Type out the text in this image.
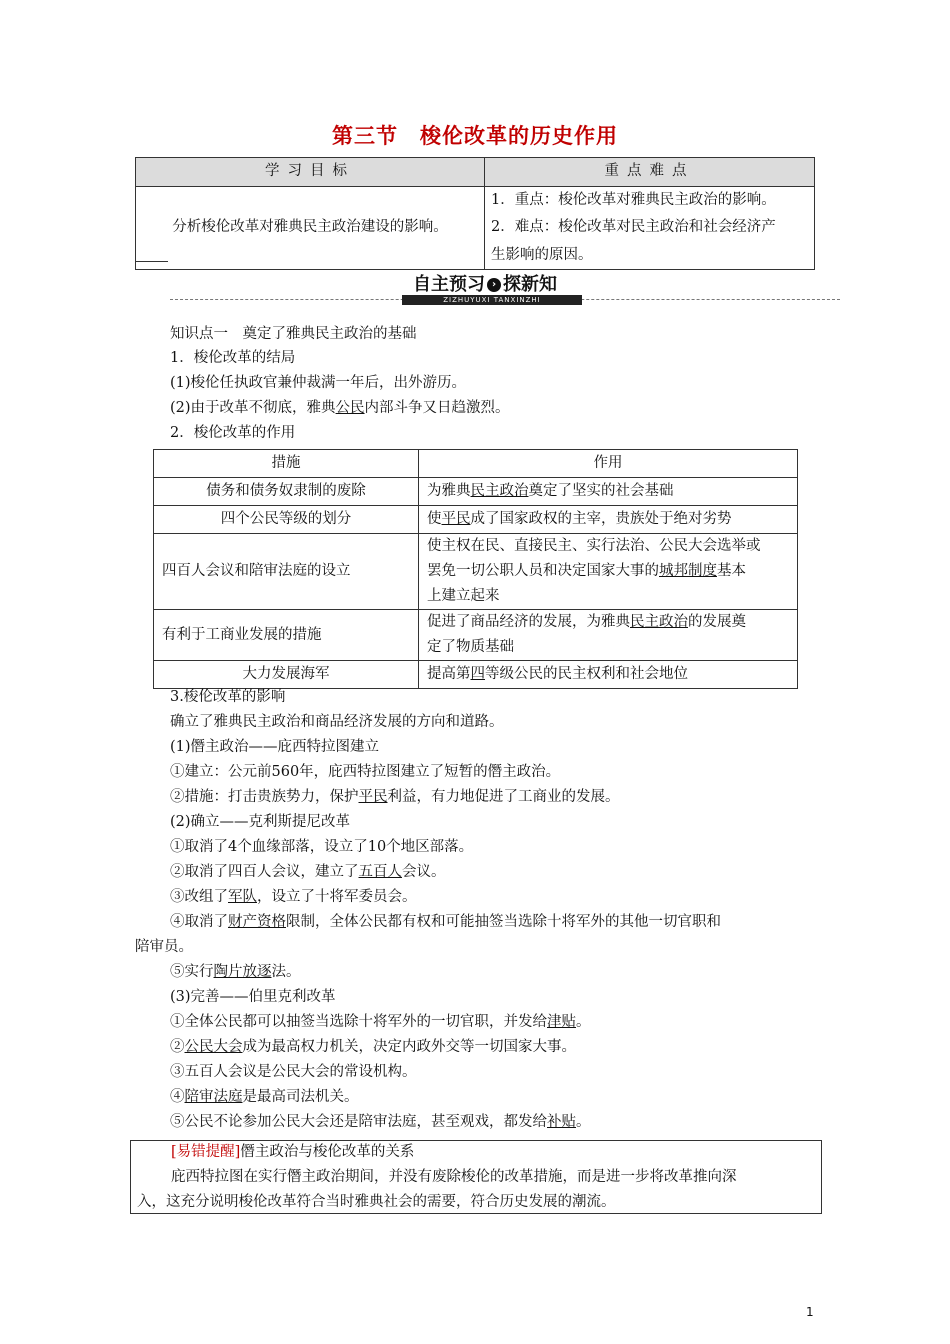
第三节　梭伦改革的历史作用
学习目标	重点难点
分析梭伦改革对雅典民主政治建设的影响。	1．重点：梭伦改革对雅典民主政治的影响。
2．难点：梭伦改革对民主政治和社会经济产
生影响的原因。
自主预习 › 探新知
ZIZHUYUXI TANXINZHI
知识点一　奠定了雅典民主政治的基础
1．梭伦改革的结局
(1)梭伦任执政官兼仲裁满一年后，出外游历。
(2)由于改革不彻底，雅典公民内部斗争又日趋激烈。
2．梭伦改革的作用
措施	作用
债务和债务奴隶制的废除	为雅典民主政治奠定了坚实的社会基础
四个公民等级的划分	使平民成了国家政权的主宰，贵族处于绝对劣势
四百人会议和陪审法庭的设立	使主权在民、直接民主、实行法治、公民大会选举或
罢免一切公职人员和决定国家大事的城邦制度基本
上建立起来

有利于工商业发展的措施	促进了商品经济的发展，为雅典民主政治的发展奠
定了物质基础

大力发展海军	提高第四等级公民的民主权利和社会地位
3.梭伦改革的影响
确立了雅典民主政治和商品经济发展的方向和道路。
(1)僭主政治——庇西特拉图建立
①建立：公元前560年，庇西特拉图建立了短暂的僭主政治。
②措施：打击贵族势力，保护平民利益，有力地促进了工商业的发展。
(2)确立——克利斯提尼改革
①取消了4个血缘部落，设立了10个地区部落。
②取消了四百人会议，建立了五百人会议。
③改组了军队，设立了十将军委员会。
④取消了财产资格限制，全体公民都有权和可能抽签当选除十将军外的其他一切官职和
陪审员。
⑤实行陶片放逐法。
(3)完善——伯里克利改革
①全体公民都可以抽签当选除十将军外的一切官职，并发给津贴。
②公民大会成为最高权力机关，决定内政外交等一切国家大事。
③五百人会议是公民大会的常设机构。
④陪审法庭是最高司法机关。
⑤公民不论参加公民大会还是陪审法庭，甚至观戏，都发给补贴。
[易错提醒]僭主政治与梭伦改革的关系
庇西特拉图在实行僭主政治期间，并没有废除梭伦的改革措施，而是进一步将改革推向深
入，这充分说明梭伦改革符合当时雅典社会的需要，符合历史发展的潮流。
1
